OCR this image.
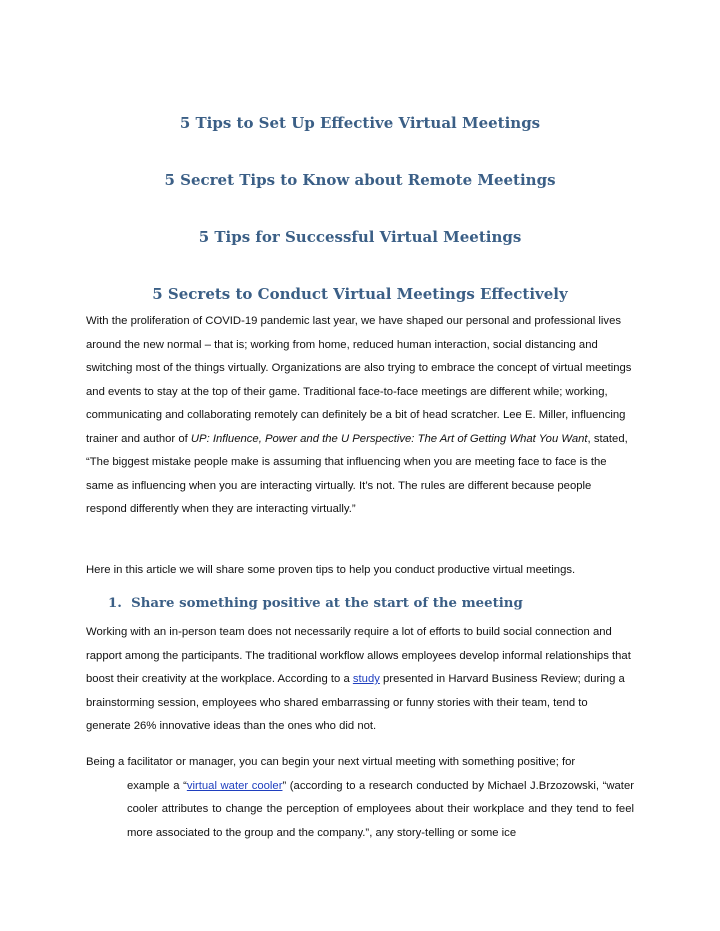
5 Tips to Set Up Effective Virtual Meetings
5 Secret Tips to Know about Remote Meetings
5 Tips for Successful Virtual Meetings
5 Secrets to Conduct Virtual Meetings Effectively

With the proliferation of COVID-19 pandemic last year, we have shaped our personal and professional lives around the new normal – that is; working from home, reduced human interaction, social distancing and switching most of the things virtually. Organizations are also trying to embrace the concept of virtual meetings and events to stay at the top of their game. Traditional face-to-face meetings are different while; working, communicating and collaborating remotely can definitely be a bit of head scratcher. Lee E. Miller, influencing trainer and author of UP: Influence, Power and the U Perspective: The Art of Getting What You Want, stated, “The biggest mistake people make is assuming that influencing when you are meeting face to face is the same as influencing when you are interacting virtually. It’s not. The rules are different because people respond differently when they are interacting virtually.”

Here in this article we will share some proven tips to help you conduct productive virtual meetings.

1. Share something positive at the start of the meeting

Working with an in-person team does not necessarily require a lot of efforts to build social connection and rapport among the participants. The traditional workflow allows employees develop informal relationships that boost their creativity at the workplace. According to a study presented in Harvard Business Review; during a brainstorming session, employees who shared embarrassing or funny stories with their team, tend to generate 26% innovative ideas than the ones who did not.

Being a facilitator or manager, you can begin your next virtual meeting with something positive; for
example a “virtual water cooler” (according to a research conducted by Michael J.Brzozowski, “water cooler attributes to change the perception of employees about their workplace and they tend to feel more associated to the group and the company.”, any story-telling or some ice
